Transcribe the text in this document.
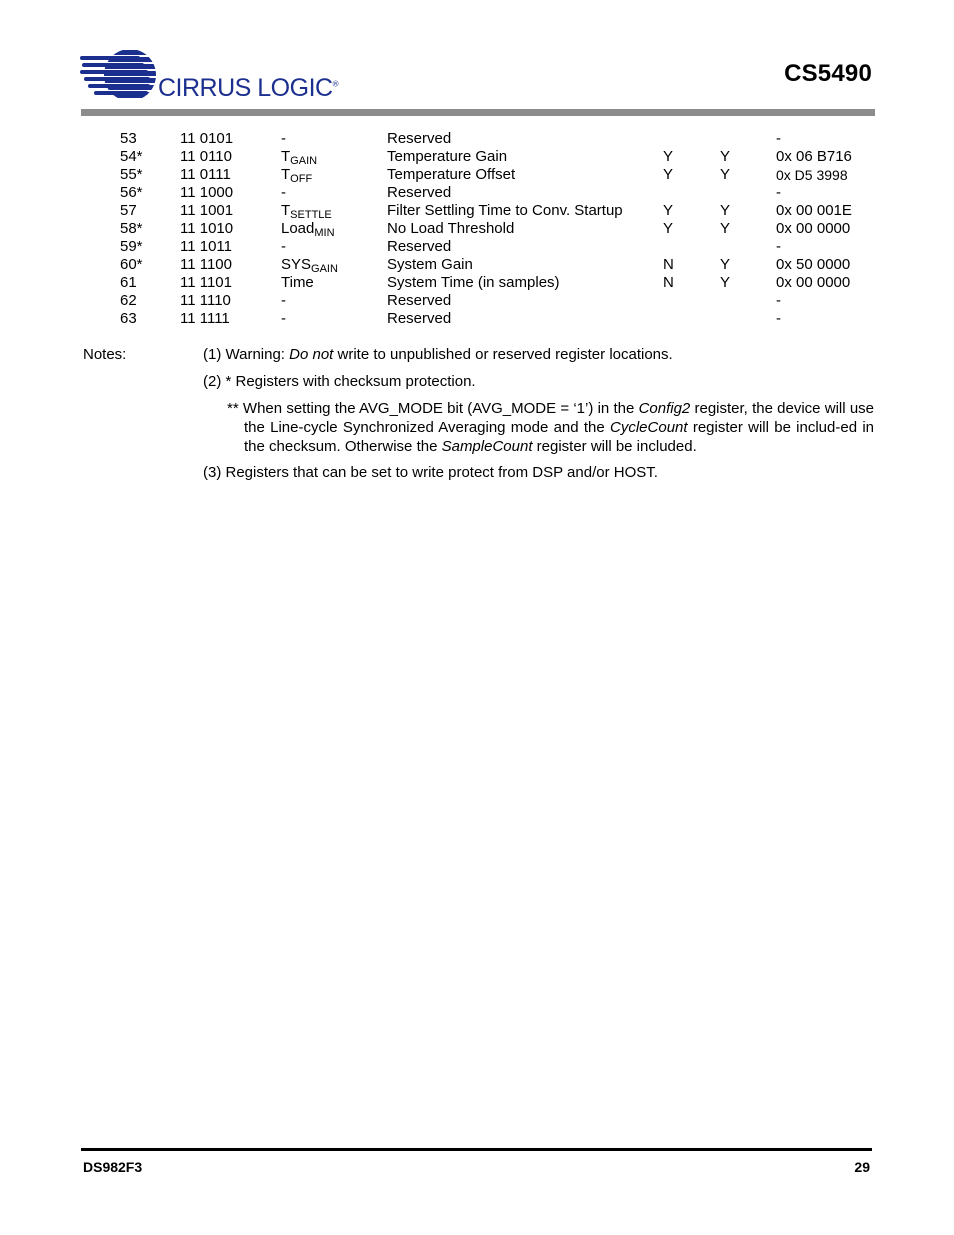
CIRRUS LOGIC®	CS5490
53	11 0101	-	Reserved			-
54*	11 0110	$T_{GAIN}$	Temperature Gain	Y	Y	0x 06 B716
55*	11 0111	$T_{OFF}$	Temperature Offset	Y	Y	0x D5 3998
56*	11 1000	-	Reserved			-
57	11 1001	$T_{SETTLE}$	Filter Settling Time to Conv. Startup	Y	Y	0x 00 001E
58*	11 1010	Load$_{MIN}$	No Load Threshold	Y	Y	0x 00 0000
59*	11 1011	-	Reserved			-
60*	11 1100	$SYS_{GAIN}$	System Gain	N	Y	0x 50 0000
61	11 1101	Time	System Time (in samples)	N	Y	0x 00 0000
62	11 1110	-	Reserved			-
63	11 1111	-	Reserved			-
Notes:	(1) Warning: Do not write to unpublished or reserved register locations.
(2) * Registers with checksum protection.
** When setting the AVG_MODE bit (AVG_MODE = ‘1’) in the Config2 register, the device will use the Line-cycle Synchronized Averaging mode and the CycleCount register will be includ-ed in the checksum. Otherwise the SampleCount register will be included.
(3) Registers that can be set to write protect from DSP and/or HOST.
DS982F3	29
